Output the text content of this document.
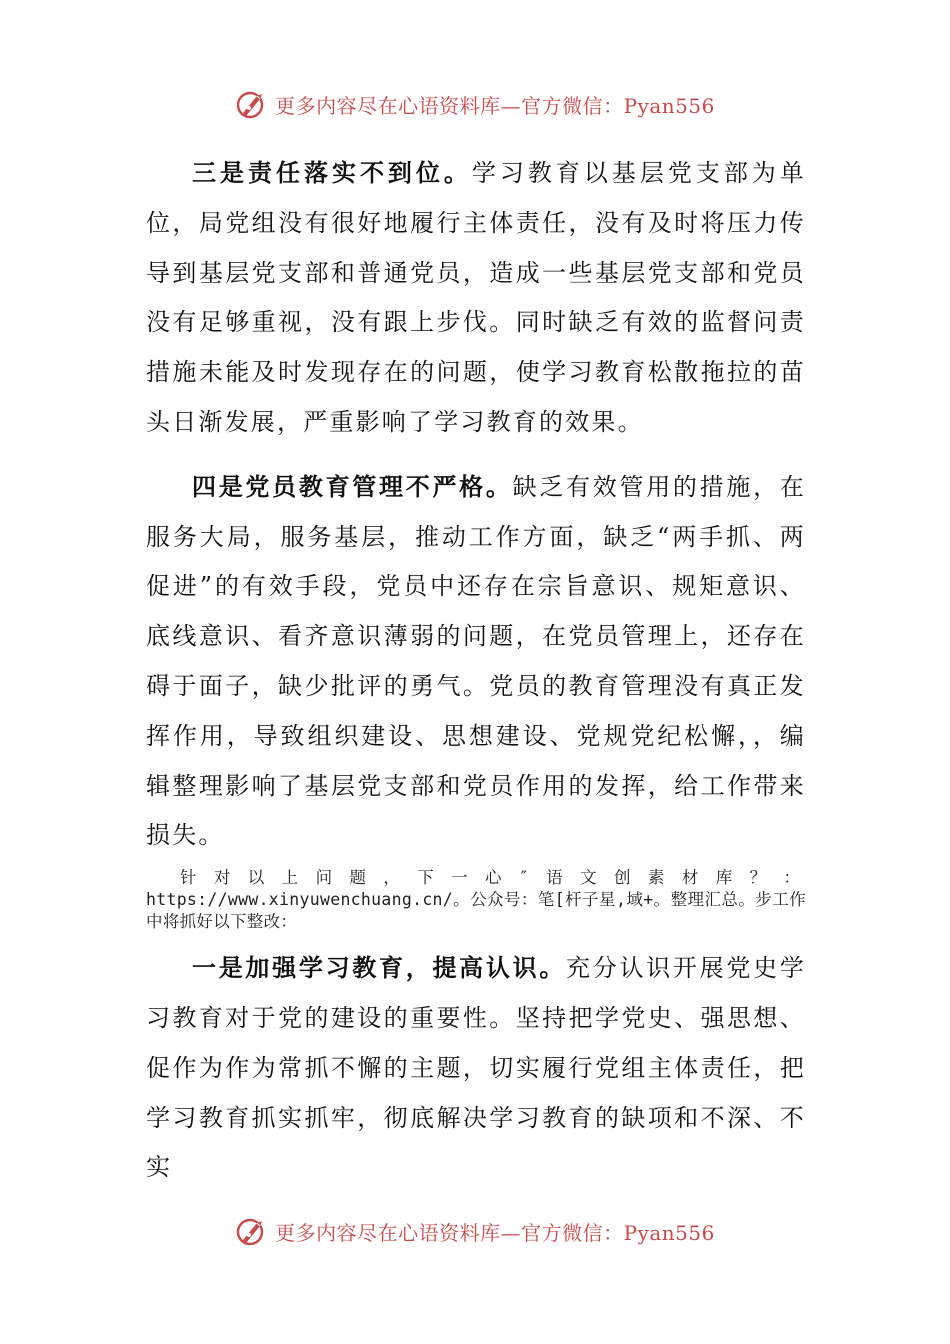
更多内容尽在心语资料库—官方微信：Pyan556

三是责任落实不到位。学习教育以基层党支部为单位，局党组没有很好地履行主体责任，没有及时将压力传导到基层党支部和普通党员，造成一些基层党支部和党员没有足够重视，没有跟上步伐。同时缺乏有效的监督问责措施未能及时发现存在的问题，使学习教育松散拖拉的苗头日渐发展，严重影响了学习教育的效果。

四是党员教育管理不严格。缺乏有效管用的措施，在服务大局，服务基层，推动工作方面，缺乏“两手抓、两促进”的有效手段，党员中还存在宗旨意识、规矩意识、底线意识、看齐意识薄弱的问题，在党员管理上，还存在碍于面子，缺少批评的勇气。党员的教育管理没有真正发挥作用，导致组织建设、思想建设、党规党纪松懈，，编辑整理影响了基层党支部和党员作用的发挥，给工作带来损失。

针对以上问题，下一心″语文创素材库？：https://www.xinyuwenchuang.cn/。公众号：笔[杆子星,域+。整理汇总。步工作中将抓好以下整改：

一是加强学习教育，提高认识。充分认识开展党史学习教育对于党的建设的重要性。坚持把学党史、强思想、促作为作为常抓不懈的主题，切实履行党组主体责任，把学习教育抓实抓牢，彻底解决学习教育的缺项和不深、不实

更多内容尽在心语资料库—官方微信：Pyan556
